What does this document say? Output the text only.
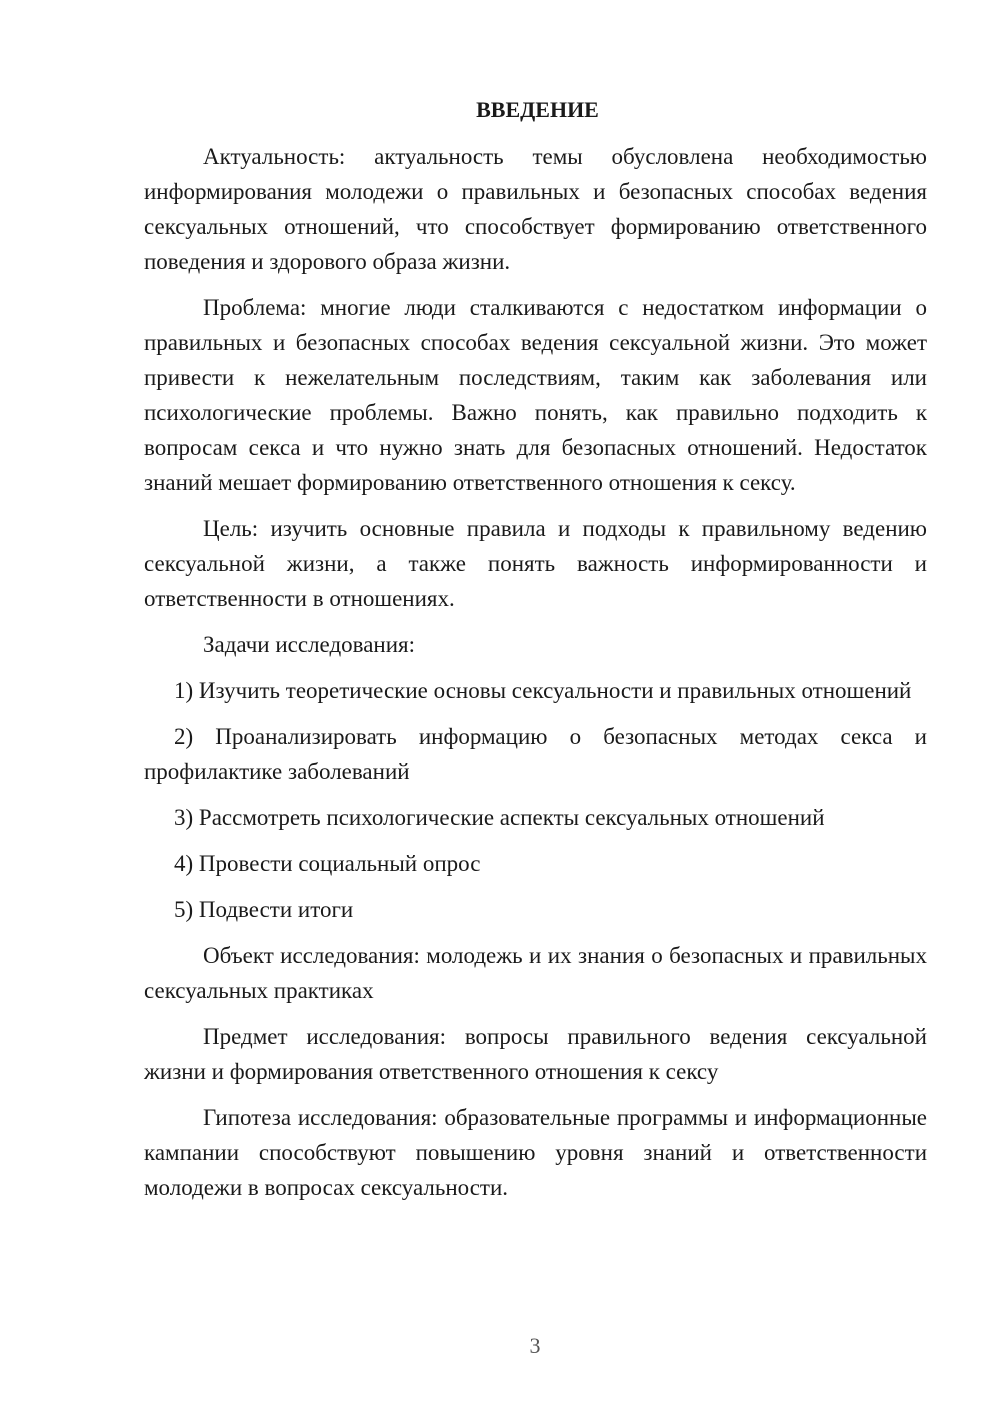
ВВЕДЕНИЕ

Актуальность: актуальность темы обусловлена необходимостью информирования молодежи о правильных и безопасных способах ведения сексуальных отношений, что способствует формированию ответственного поведения и здорового образа жизни.

Проблема: многие люди сталкиваются с недостатком информации о правильных и безопасных способах ведения сексуальной жизни. Это может привести к нежелательным последствиям, таким как заболевания или психологические проблемы. Важно понять, как правильно подходить к вопросам секса и что нужно знать для безопасных отношений. Недостаток знаний мешает формированию ответственного отношения к сексу.

Цель: изучить основные правила и подходы к правильному ведению сексуальной жизни, а также понять важность информированности и ответственности в отношениях.

Задачи исследования:

1) Изучить теоретические основы сексуальности и правильных отношений

2) Проанализировать информацию о безопасных методах секса и профилактике заболеваний

3) Рассмотреть психологические аспекты сексуальных отношений

4) Провести социальный опрос

5) Подвести итоги

Объект исследования: молодежь и их знания о безопасных и правильных сексуальных практиках

Предмет исследования: вопросы правильного ведения сексуальной жизни и формирования ответственного отношения к сексу

Гипотеза исследования: образовательные программы и информационные кампании способствуют повышению уровня знаний и ответственности молодежи в вопросах сексуальности.

3
